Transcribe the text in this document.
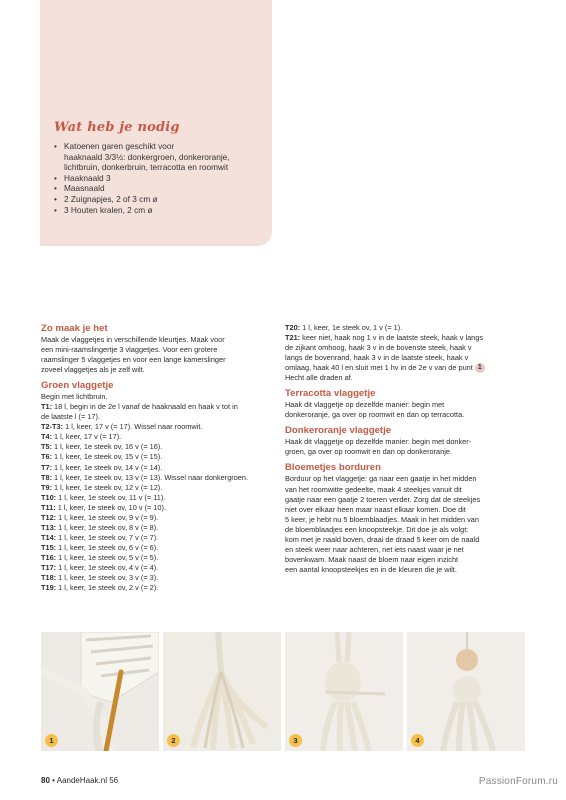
Wat heb je nodig
• Katoenen garen geschikt voor
haaknaald 3/3½: donkergroen, donkeroranje,
lichtbruin, donkerbruin, terracotta en roomwit
• Haaknaald 3
• Maasnaald
• 2 Zuignapjes, 2 of 3 cm ø
• 3 Houten kralen, 2 cm ø
Zo maak je het

Maak de vlaggetjes in verschillende kleurtjes. Maak voor

een mini-raamslingertje 3 vlaggetjes. Voor een grotere

raamslinger 5 vlaggetjes en voor een lange kamerslinger

zoveel vlaggetjes als je zelf wilt.

Groen vlaggetje

Begin met lichtbruin.

T1: 18 l, begin in de 2e l vanaf de haaknaald en haak v tot in

de laatste l (= 17).

T2-T3: 1 l, keer, 17 v (= 17). Wissel naar roomwit.

T4: 1 l, keer, 17 v (= 17).

T5: 1 l, keer, 1e steek ov, 16 v (= 16).

T6: 1 l, keer, 1e steek ov, 15 v (= 15).

T7: 1 l, keer, 1e steek ov, 14 v (= 14).

T8: 1 l, keer, 1e steek ov, 13 v (= 13). Wissel naar donkergroen.

T9: 1 l, keer, 1e steek ov, 12 v (= 12).

T10: 1 l, keer, 1e steek ov, 11 v (= 11).

T11: 1 l, keer, 1e steek ov, 10 v (= 10).

T12: 1 l, keer, 1e steek ov, 9 v (= 9).

T13: 1 l, keer, 1e steek ov, 8 v (= 8).

T14: 1 l, keer, 1e steek ov, 7 v (= 7).

T15: 1 l, keer, 1e steek ov, 6 v (= 6).

T16: 1 l, keer, 1e steek ov, 5 v (= 5).

T17: 1 l, keer, 1e steek ov, 4 v (= 4).

T18: 1 l, keer, 1e steek ov, 3 v (= 3).

T19: 1 l, keer, 1e steek ov, 2 v (= 2).

T20: 1 l, keer, 1e steek ov, 1 v (= 1).

T21: keer niet, haak nog 1 v in de laatste steek, haak v langs

de zijkant omhoog, haak 3 v in de bovenste steek, haak v

langs de bovenrand, haak 3 v in de laatste steek, haak v

omlaag, haak 40 l en sluit met 1 hv in de 2e v van de punt 1

Hecht alle draden af.

Terracotta vlaggetje

Haak dit vlaggetje op dezelfde manier: begin met

donkeroranje, ga over op roomwit en dan op terracotta.

Donkeroranje vlaggetje

Haak dit vlaggetje op dezelfde manier: begin met donker-

groen, ga over op roomwit en dan op donkeroranje.

Bloemetjes borduren

Borduur op het vlaggetje: ga naar een gaatje in het midden

van het roomwitte gedeelte, maak 4 steekjes vanuit dit

gaatje naar een gaatje 2 toeren verder. Zorg dat de steekjes

niet over elkaar heen maar naast elkaar komen. Doe dit

5 keer, je hebt nu 5 bloemblaadjes. Maak in het midden van

de bloemblaadjes een knoopsteekje. Dit doe je als volgt:

kom met je naald boven, draai de draad 5 keer om de naald

en steek weer naar achteren, net iets naast waar je net

bovenkwam. Maak naast de bloem naar eigen inzicht

een aantal knoopsteekjes en in de kleuren die je wilt.

1	2	3	4
80 • AandeHaak.nl 56	PassionForum.ru
